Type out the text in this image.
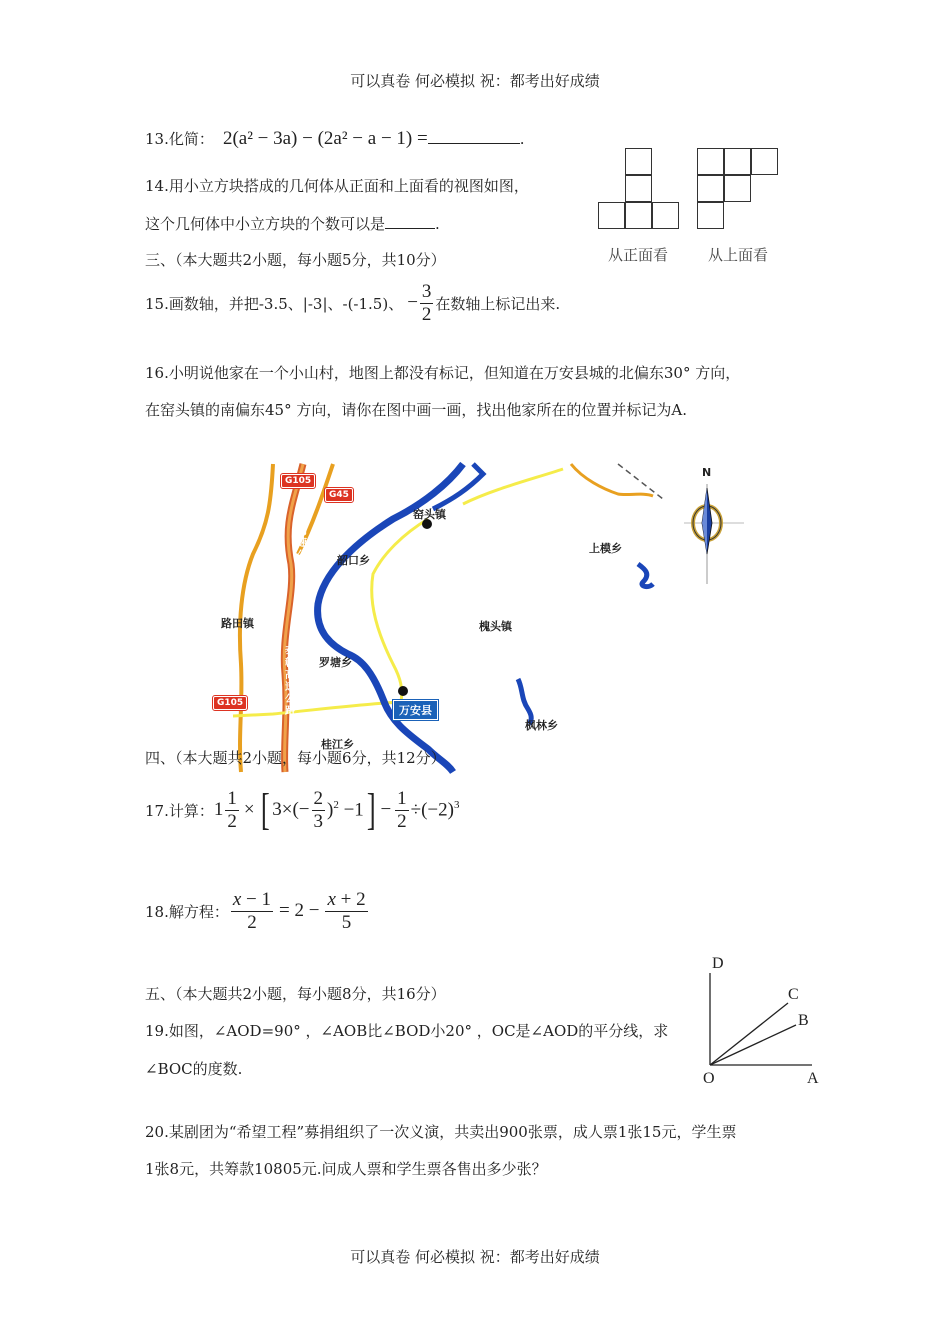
可以真卷 何必模拟 祝：都考出好成绩
13.化简： 2(a² − 3a) − (2a² − a − 1) =	.
14.用小立方块搭成的几何体从正面和上面看的视图如图，
这个几何体中小立方块的个数可以是	.
从正面看	从上面看
三、（本大题共2小题，每小题5分，共10分）
15.画数轴，并把-3.5、|-3|、-(-1.5)、 − $\frac{3}{2}$ 在数轴上标记出来.
16.小明说他家在一个小山村，地图上都没有标记，但知道在万安县城的北偏东30° 方向，
在窑头镇的南偏东45° 方向，请你在图中画一画，找出他家所在的位置并标记为A.
G105
G45
G105
窑头镇
韶口乡
上模乡
路田镇	槐头镇
罗塘乡
万安县
枫林乡
桂江乡
大广高速公路
泰赣高速公路
N
四、（本大题共2小题，每小题6分，共12分）
17.计算： $1 \frac{1}{2}$ × [ $3\times(- \frac{2}{3} )^2 -1$ ] − $\frac{1}{2} \div(-2)^3$
18.解方程： $\frac{x - 1}{2} = 2 - \frac{x + 2}{5}$
五、（本大题共2小题，每小题8分，共16分）
19.如图，∠AOD=90° ，∠AOB比∠BOD小20° ，OC是∠AOD的平分线，求
∠BOC的度数.
D
C
B
O	A
20.某剧团为“希望工程”募捐组织了一次义演，共卖出900张票，成人票1张15元，学生票
1张8元，共筹款10805元.问成人票和学生票各售出多少张？
可以真卷 何必模拟 祝：都考出好成绩
